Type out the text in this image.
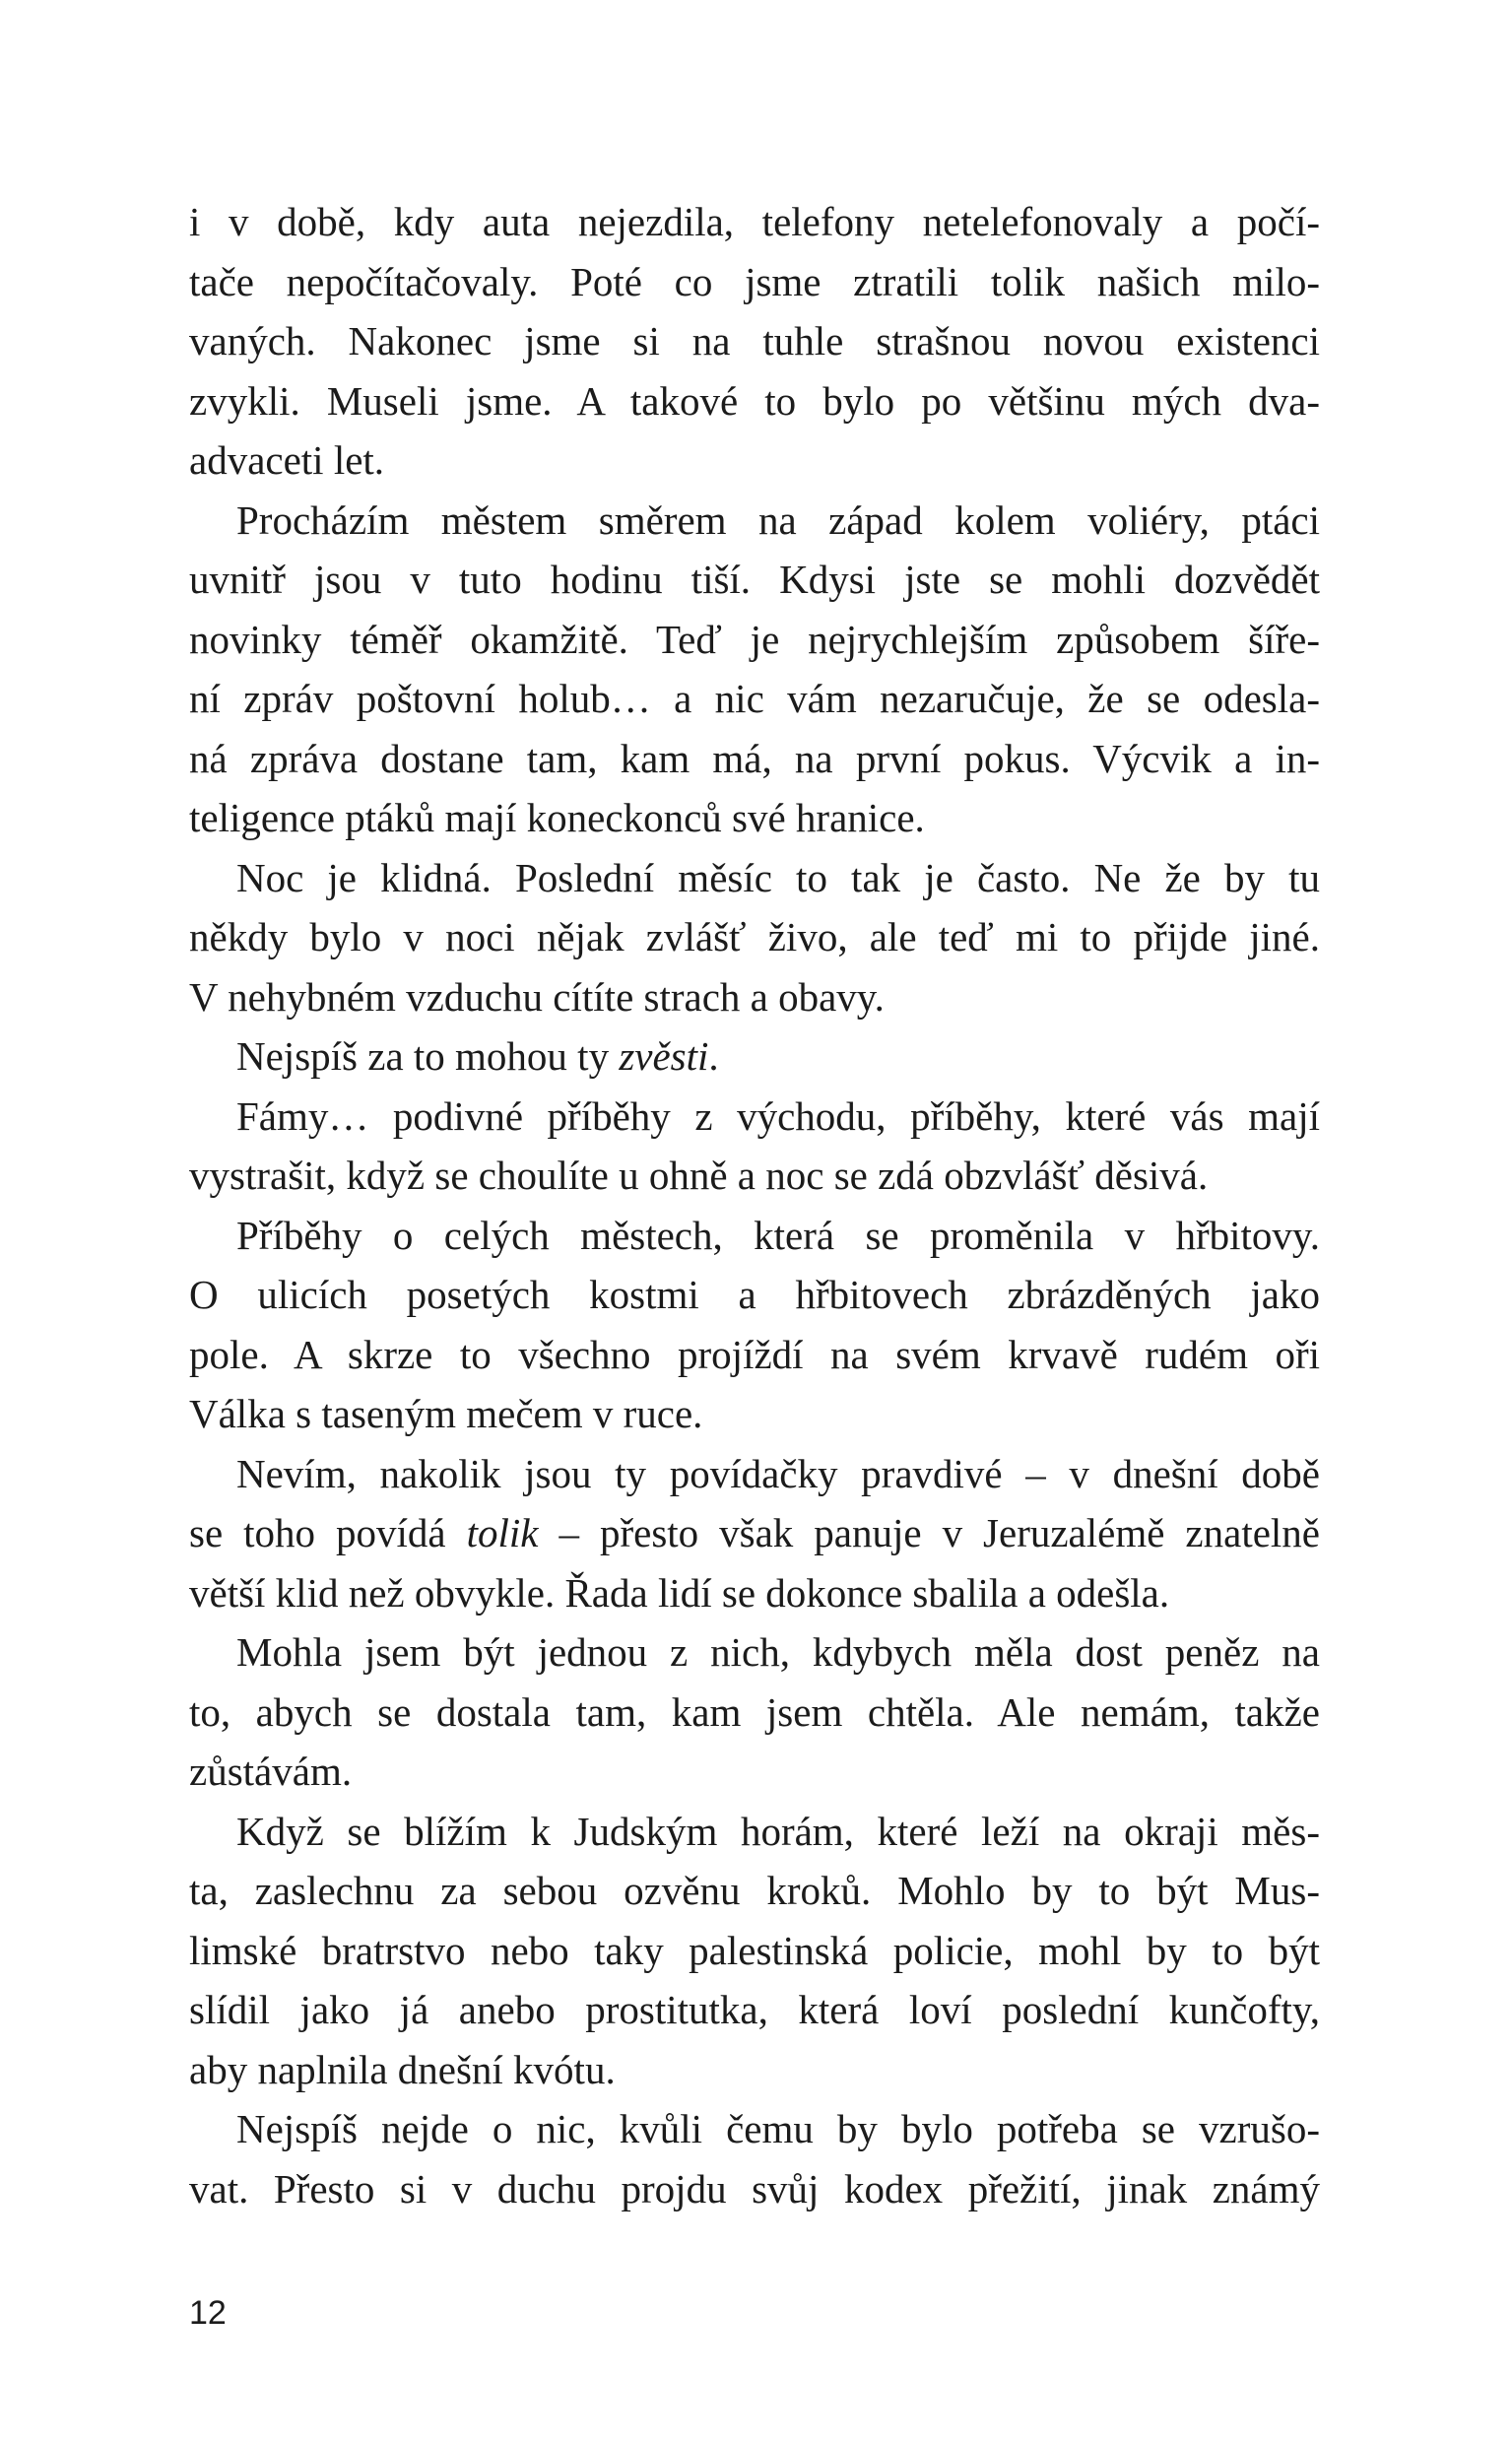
i v době, kdy auta nejezdila, telefony netelefonovaly a počí-
tače nepočítačovaly. Poté co jsme ztratili tolik našich milo-
vaných. Nakonec jsme si na tuhle strašnou novou existenci
zvykli. Museli jsme. A takové to bylo po většinu mých dva-
advaceti let.
Procházím městem směrem na západ kolem voliéry, ptáci
uvnitř jsou v tuto hodinu tiší. Kdysi jste se mohli dozvědět
novinky téměř okamžitě. Teď je nejrychlejším způsobem šíře-
ní zpráv poštovní holub… a nic vám nezaručuje, že se odesla-
ná zpráva dostane tam, kam má, na první pokus. Výcvik a in-
teligence ptáků mají koneckonců své hranice.
Noc je klidná. Poslední měsíc to tak je často. Ne že by tu
někdy bylo v noci nějak zvlášť živo, ale teď mi to přijde jiné.
V nehybném vzduchu cítíte strach a obavy.
Nejspíš za to mohou ty zvěsti.
Fámy… podivné příběhy z východu, příběhy, které vás mají
vystrašit, když se choulíte u ohně a noc se zdá obzvlášť děsivá.
Příběhy o celých městech, která se proměnila v hřbitovy.
O ulicích posetých kostmi a hřbitovech zbrázděných jako
pole. A skrze to všechno projíždí na svém krvavě rudém oři
Válka s taseným mečem v ruce.
Nevím, nakolik jsou ty povídačky pravdivé – v dnešní době
se toho povídá tolik – přesto však panuje v Jeruzalémě znatelně
větší klid než obvykle. Řada lidí se dokonce sbalila a odešla.
Mohla jsem být jednou z nich, kdybych měla dost peněz na
to, abych se dostala tam, kam jsem chtěla. Ale nemám, takže
zůstávám.
Když se blížím k Judským horám, které leží na okraji měs-
ta, zaslechnu za sebou ozvěnu kroků. Mohlo by to být Mus-
limské bratrstvo nebo taky palestinská policie, mohl by to být
slídil jako já anebo prostitutka, která loví poslední kunčofty,
aby naplnila dnešní kvótu.
Nejspíš nejde o nic, kvůli čemu by bylo potřeba se vzrušo-
vat. Přesto si v duchu projdu svůj kodex přežití, jinak známý
12
